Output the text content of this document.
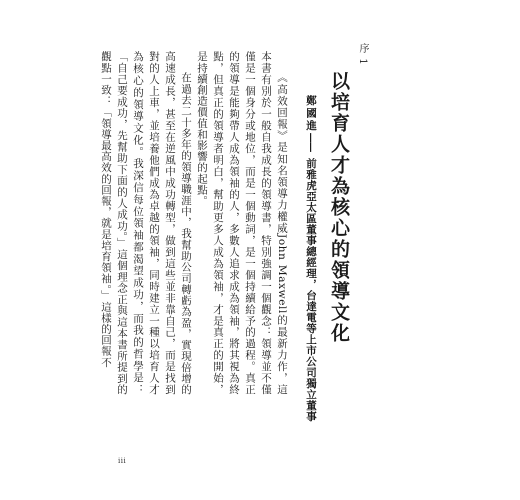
序 1
以培育人才為核心的領導文化
鄭國進——前雅虎亞太區董事總經理，台達電等上市公司獨立董事

《高效回報》是知名領導力權威John Maxwell的最新力作，這本書有別於一般自我成長的領導書，特別強調一個觀念：領導並不僅僅是一個身分或地位，而是一個動詞，是一個持續給予的過程。真正的領導是能夠帶人成為領袖的人，多數人追求成為領袖，將其視為終點，但真正的領導者明白，幫助更多人成為領袖，才是真正的開始，是持續創造價值和影響的起點。

在過去二十多年的領導職涯中，我幫助公司轉虧為盈，實現倍增的高速成長，甚至在逆風中成功轉型，做到這些並非靠自己，而是找到對的人上車，並培養他們成為卓越的領袖，同時建立一種以培育人才為核心的領導文化。我深信每位領袖都渴望成功，而我的哲學是：「自己要成功，先幫助下面的人成功。」這個理念正與這本書所提到的觀點一致：「領導最高效的回報，就是培育領袖。」這樣的回報不

iii
